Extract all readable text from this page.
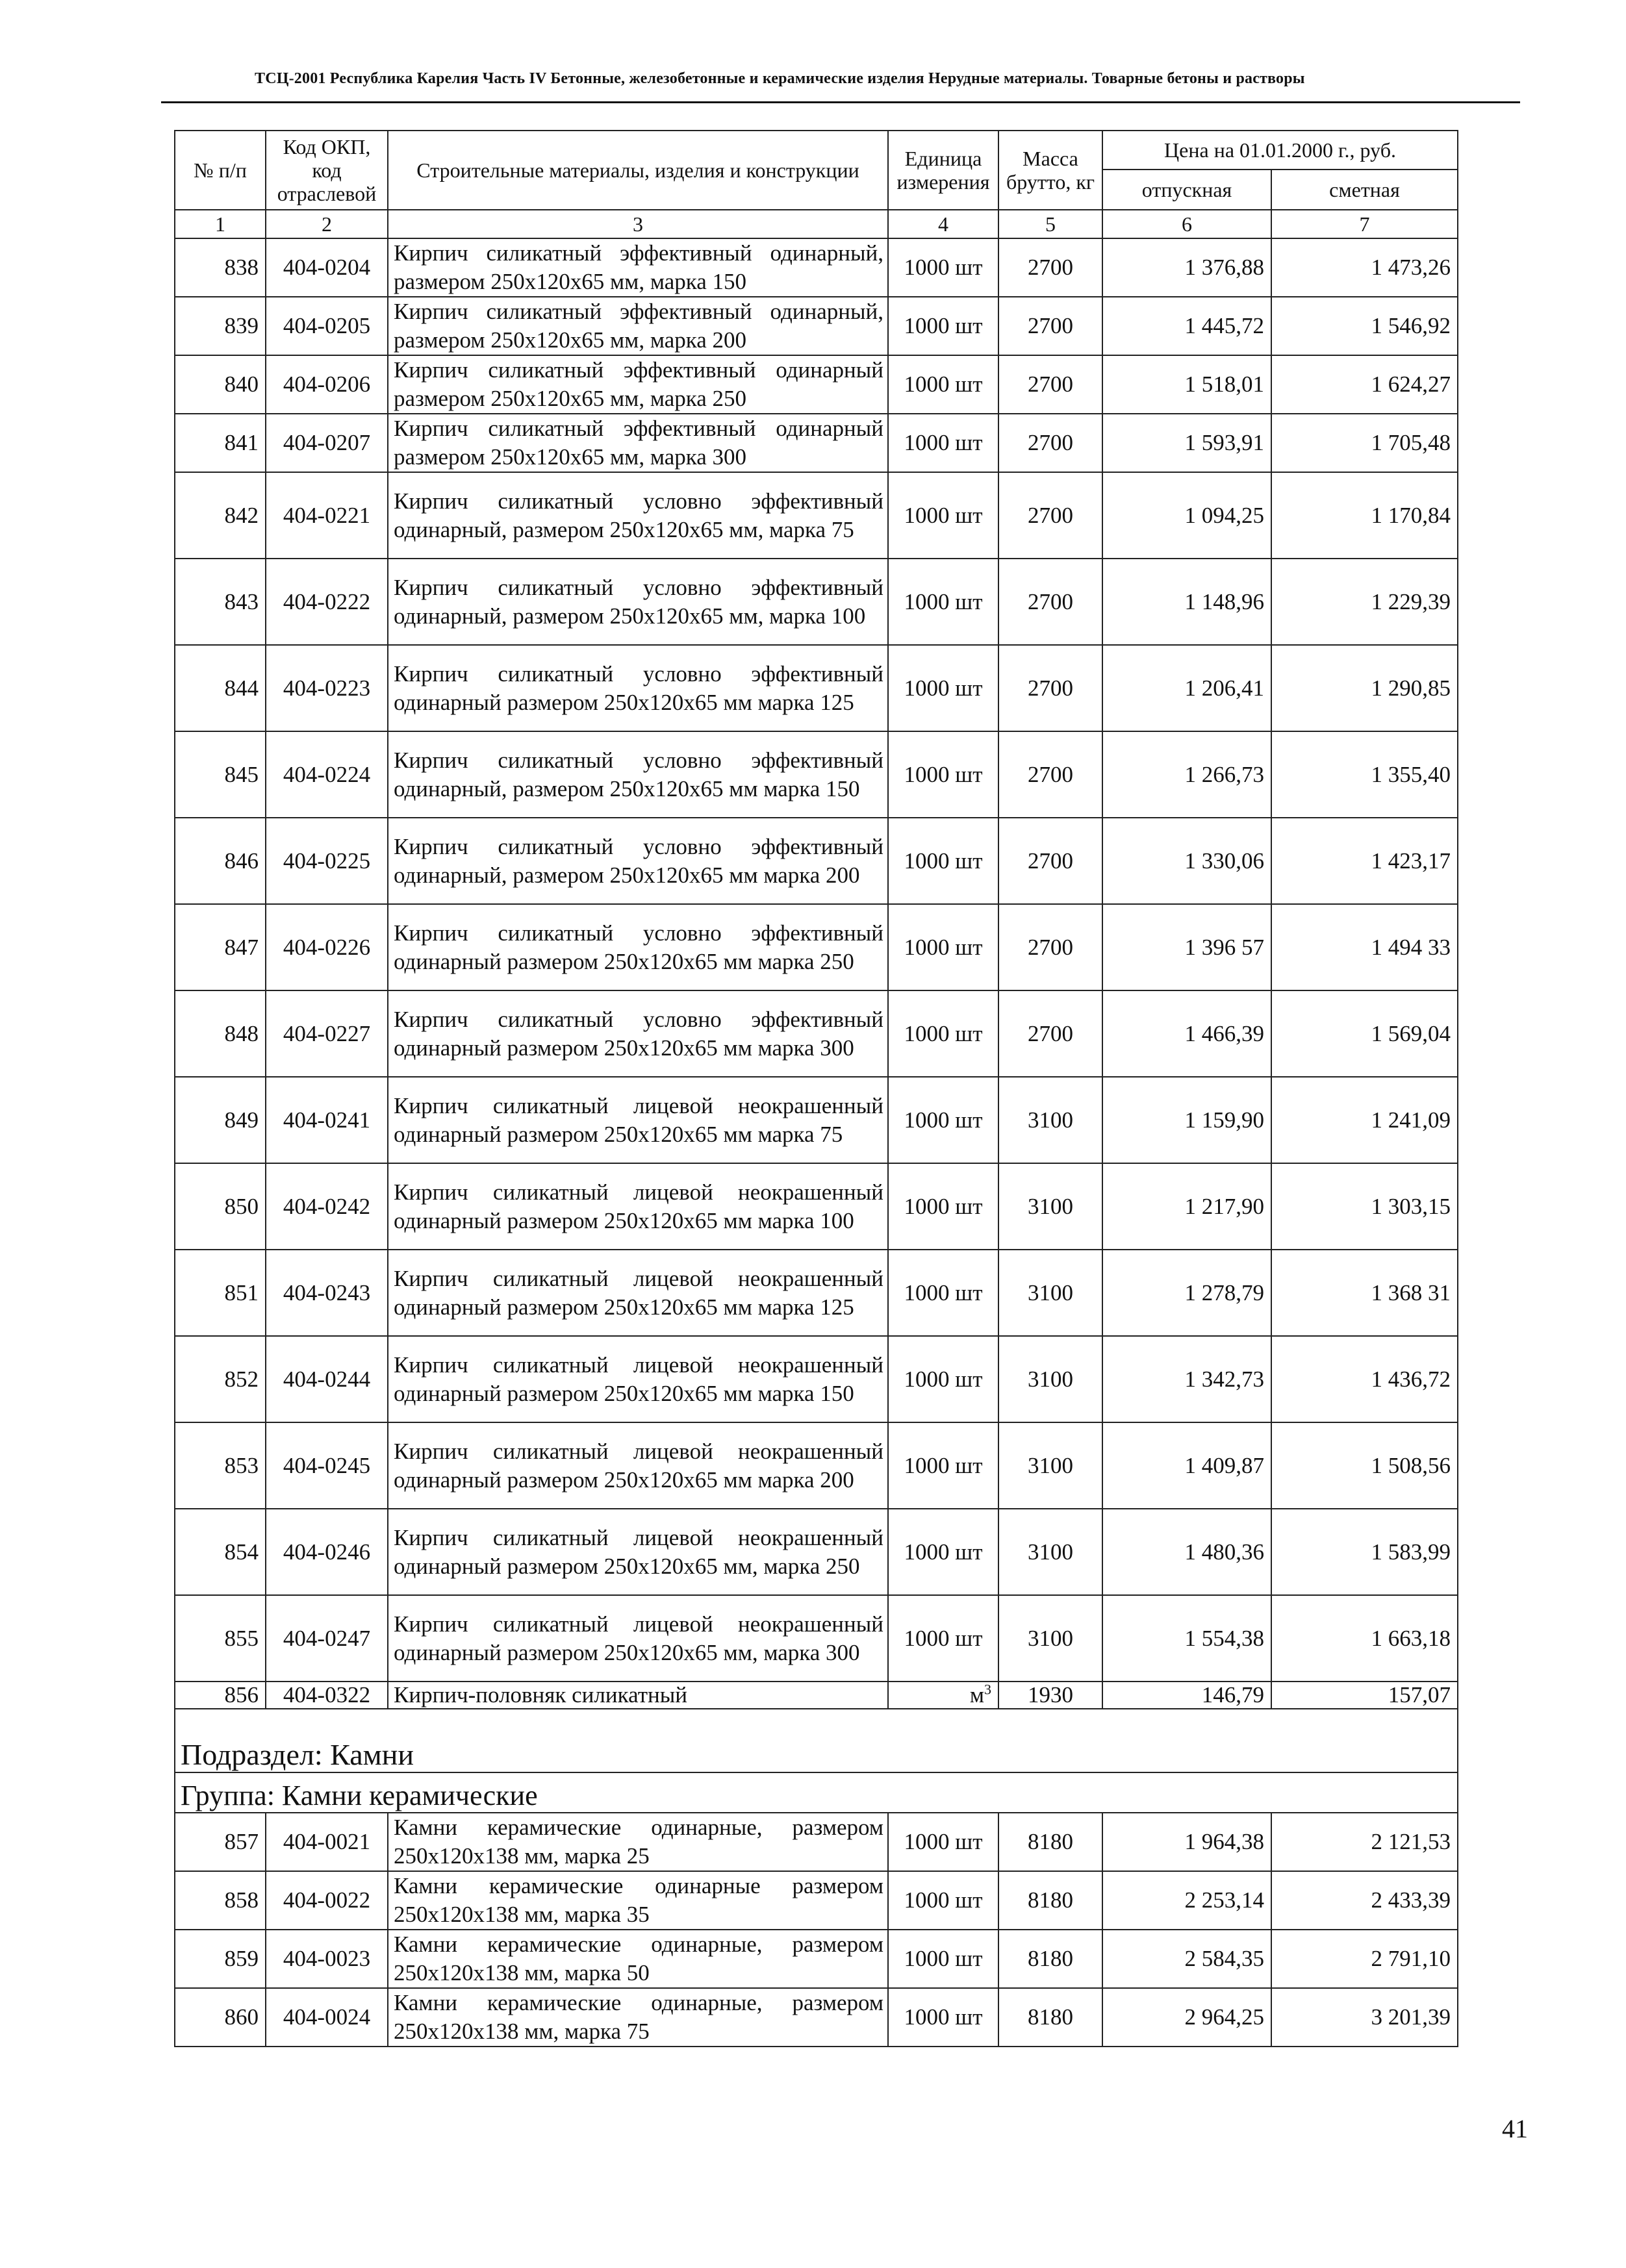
ТСЦ-2001 Республика Карелия Часть IV Бетонные, железобетонные и керамические изделия Нерудные материалы. Товарные бетоны и растворы
№ п/п	Код ОКП, код отраслевой	Строительные материалы, изделия и конструкции	Единица измерения	Масса брутто, кг	Цена на 01.01.2000 г., руб.	
					отпускная	сметная
1	2	3	4	5	6	7
838	404-0204	Кирпич силикатный эффективный одинарный, размером 250х120х65 мм, марка 150	1000 шт	2700	1 376,88	1 473,26
839	404-0205	Кирпич силикатный эффективный одинарный, размером 250х120х65 мм, марка 200	1000 шт	2700	1 445,72	1 546,92
840	404-0206	Кирпич силикатный эффективный одинарный размером 250х120х65 мм, марка 250	1000 шт	2700	1 518,01	1 624,27
841	404-0207	Кирпич силикатный эффективный одинарный размером 250х120х65 мм, марка 300	1000 шт	2700	1 593,91	1 705,48
842	404-0221	Кирпич силикатный условно эффективный одинарный, размером 250х120х65 мм, марка 75	1000 шт	2700	1 094,25	1 170,84
843	404-0222	Кирпич силикатный условно эффективный одинарный, размером 250х120х65 мм, марка 100	1000 шт	2700	1 148,96	1 229,39
844	404-0223	Кирпич силикатный условно эффективный одинарный размером 250х120х65 мм марка 125	1000 шт	2700	1 206,41	1 290,85
845	404-0224	Кирпич силикатный условно эффективный одинарный, размером 250х120х65 мм марка 150	1000 шт	2700	1 266,73	1 355,40
846	404-0225	Кирпич силикатный условно эффективный одинарный, размером 250х120х65 мм марка 200	1000 шт	2700	1 330,06	1 423,17
847	404-0226	Кирпич силикатный условно эффективный одинарный размером 250х120х65 мм марка 250	1000 шт	2700	1 396 57	1 494 33
848	404-0227	Кирпич силикатный условно эффективный одинарный размером 250х120х65 мм марка 300	1000 шт	2700	1 466,39	1 569,04
849	404-0241	Кирпич силикатный лицевой неокрашенный одинарный размером 250х120х65 мм марка 75	1000 шт	3100	1 159,90	1 241,09
850	404-0242	Кирпич силикатный лицевой неокрашенный одинарный размером 250х120х65 мм марка 100	1000 шт	3100	1 217,90	1 303,15
851	404-0243	Кирпич силикатный лицевой неокрашенный одинарный размером 250х120х65 мм марка 125	1000 шт	3100	1 278,79	1 368 31
852	404-0244	Кирпич силикатный лицевой неокрашенный одинарный размером 250х120х65 мм марка 150	1000 шт	3100	1 342,73	1 436,72
853	404-0245	Кирпич силикатный лицевой неокрашенный одинарный размером 250х120х65 мм марка 200	1000 шт	3100	1 409,87	1 508,56
854	404-0246	Кирпич силикатный лицевой неокрашенный одинарный размером 250х120х65 мм, марка 250	1000 шт	3100	1 480,36	1 583,99
855	404-0247	Кирпич силикатный лицевой неокрашенный одинарный размером 250х120х65 мм, марка 300	1000 шт	3100	1 554,38	1 663,18
856	404-0322	Кирпич-половняк силикатный	$м^3$	1930	146,79	157,07
Подраздел: Камни						
Группа: Камни керамические						
857	404-0021	Камни керамические одинарные, размером 250х120х138 мм, марка 25	1000 шт	8180	1 964,38	2 121,53
858	404-0022	Камни керамические одинарные размером 250х120х138 мм, марка 35	1000 шт	8180	2 253,14	2 433,39
859	404-0023	Камни керамические одинарные, размером 250х120х138 мм, марка 50	1000 шт	8180	2 584,35	2 791,10
860	404-0024	Камни керамические одинарные, размером 250х120х138 мм, марка 75	1000 шт	8180	2 964,25	3 201,39
41
